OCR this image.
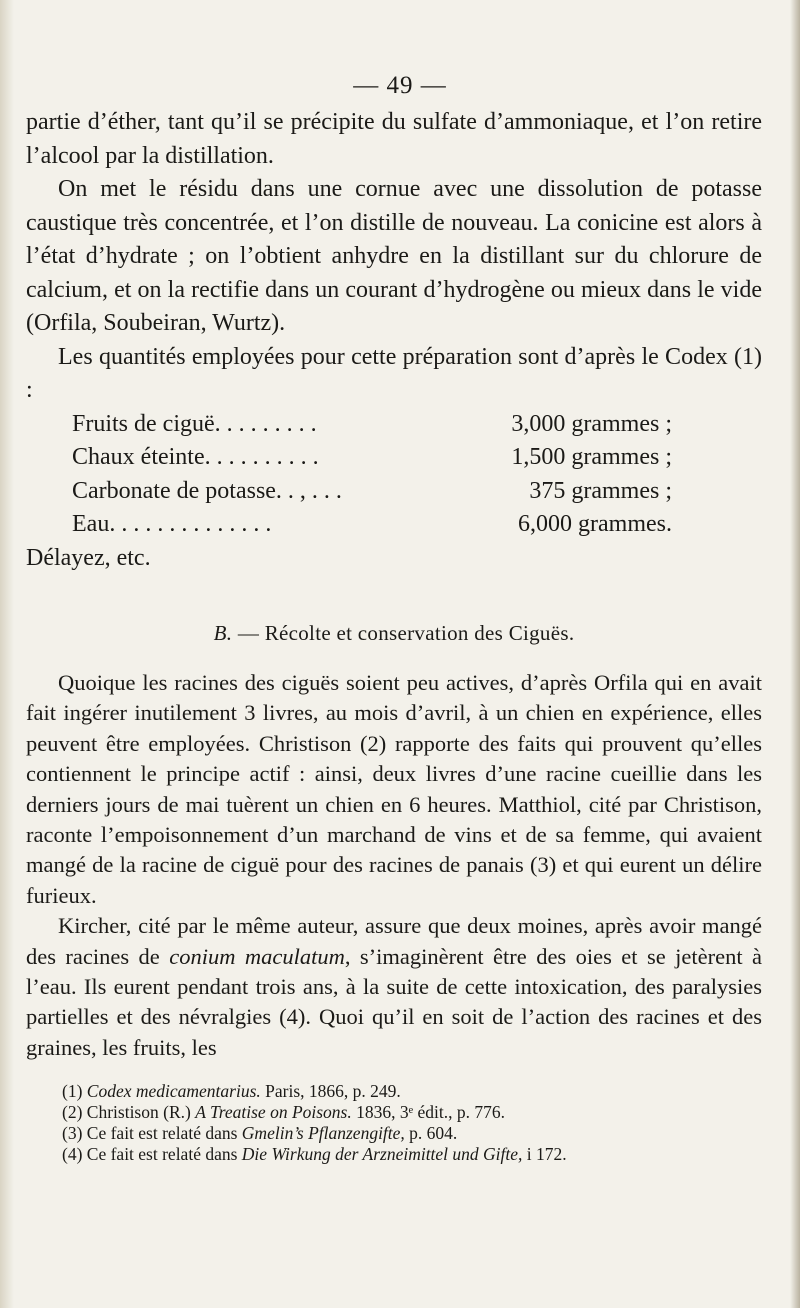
— 49 —

partie d’éther, tant qu’il se précipite du sulfate d’ammoniaque, et l’on retire l’alcool par la distillation.

On met le résidu dans une cornue avec une dissolution de potasse caustique très concentrée, et l’on distille de nouveau. La conicine est alors à l’état d’hydrate ; on l’obtient anhydre en la distillant sur du chlorure de calcium, et on la rectifie dans un courant d’hydrogène ou mieux dans le vide (Orfila, Soubeiran, Wurtz).

Les quantités employées pour cette préparation sont d’après le Codex (1) :

Fruits de ciguë. . . . . . . . .	3,000 grammes ;
Chaux éteinte. . . . . . . . . .	1,500 grammes ;
Carbonate de potasse. . , . . .	375 grammes ;
Eau. . . . . . . . . . . . . .	6,000 grammes.

Délayez, etc.

B. — Récolte et conservation des Ciguës.

Quoique les racines des ciguës soient peu actives, d’après Orfila qui en avait fait ingérer inutilement 3 livres, au mois d’avril, à un chien en expérience, elles peuvent être employées. Christison (2) rapporte des faits qui prouvent qu’elles contiennent le principe actif : ainsi, deux livres d’une racine cueillie dans les derniers jours de mai tuèrent un chien en 6 heures. Matthiol, cité par Christison, raconte l’empoisonnement d’un marchand de vins et de sa femme, qui avaient mangé de la racine de ciguë pour des racines de panais (3) et qui eurent un délire furieux.

Kircher, cité par le même auteur, assure que deux moines, après avoir mangé des racines de conium maculatum, s’imaginèrent être des oies et se jetèrent à l’eau. Ils eurent pendant trois ans, à la suite de cette intoxication, des paralysies partielles et des névralgies (4). Quoi qu’il en soit de l’action des racines et des graines, les fruits, les

(1) Codex medicamentarius. Paris, 1866, p. 249.

(2) Christison (R.) A Treatise on Poisons. 1836, 3ᵉ édit., p. 776.

(3) Ce fait est relaté dans Gmelin’s Pflanzengifte, p. 604.

(4) Ce fait est relaté dans Die Wirkung der Arzneimittel und Gifte, i 172.
